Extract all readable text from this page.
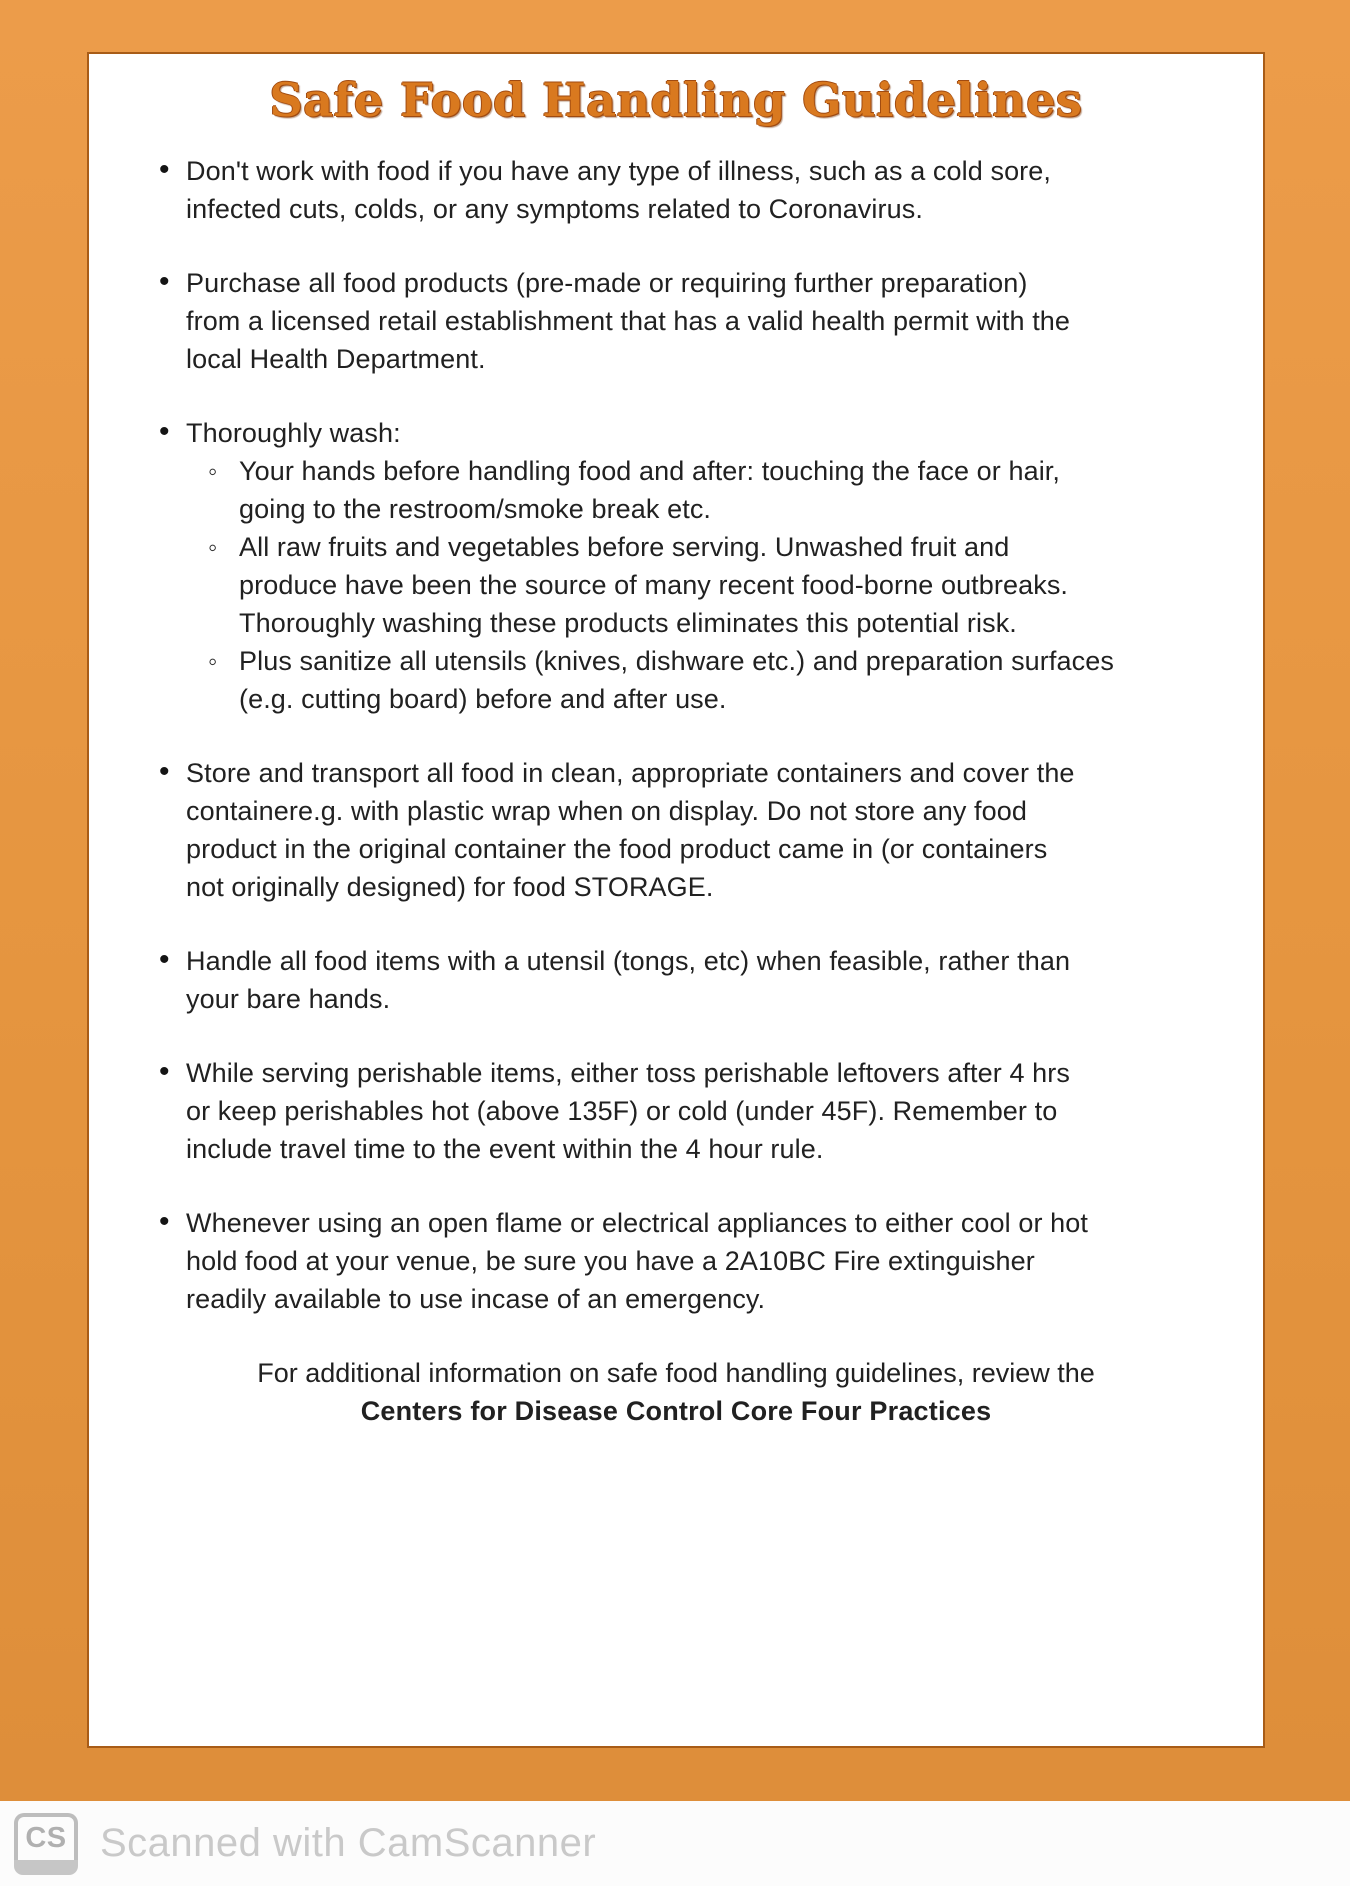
Safe Food Handling Guidelines
• Don't work with food if you have any type of illness, such as a cold sore,
infected cuts, colds, or any symptoms related to Coronavirus.
• Purchase all food products (pre-made or requiring further preparation)
from a licensed retail establishment that has a valid health permit with the
local Health Department.
• Thoroughly wash:
◦ Your hands before handling food and after: touching the face or hair,
going to the restroom/smoke break etc.
◦ All raw fruits and vegetables before serving. Unwashed fruit and
produce have been the source of many recent food-borne outbreaks.
Thoroughly washing these products eliminates this potential risk.
◦ Plus sanitize all utensils (knives, dishware etc.) and preparation surfaces
(e.g. cutting board) before and after use.
• Store and transport all food in clean, appropriate containers and cover the
containere.g. with plastic wrap when on display. Do not store any food
product in the original container the food product came in (or containers
not originally designed) for food STORAGE.
• Handle all food items with a utensil (tongs, etc) when feasible, rather than
your bare hands.
• While serving perishable items, either toss perishable leftovers after 4 hrs
or keep perishables hot (above 135F) or cold (under 45F). Remember to
include travel time to the event within the 4 hour rule.
• Whenever using an open flame or electrical appliances to either cool or hot
hold food at your venue, be sure you have a 2A10BC Fire extinguisher
readily available to use incase of an emergency.
For additional information on safe food handling guidelines, review the
Centers for Disease Control Core Four Practices
CS Scanned with CamScanner
